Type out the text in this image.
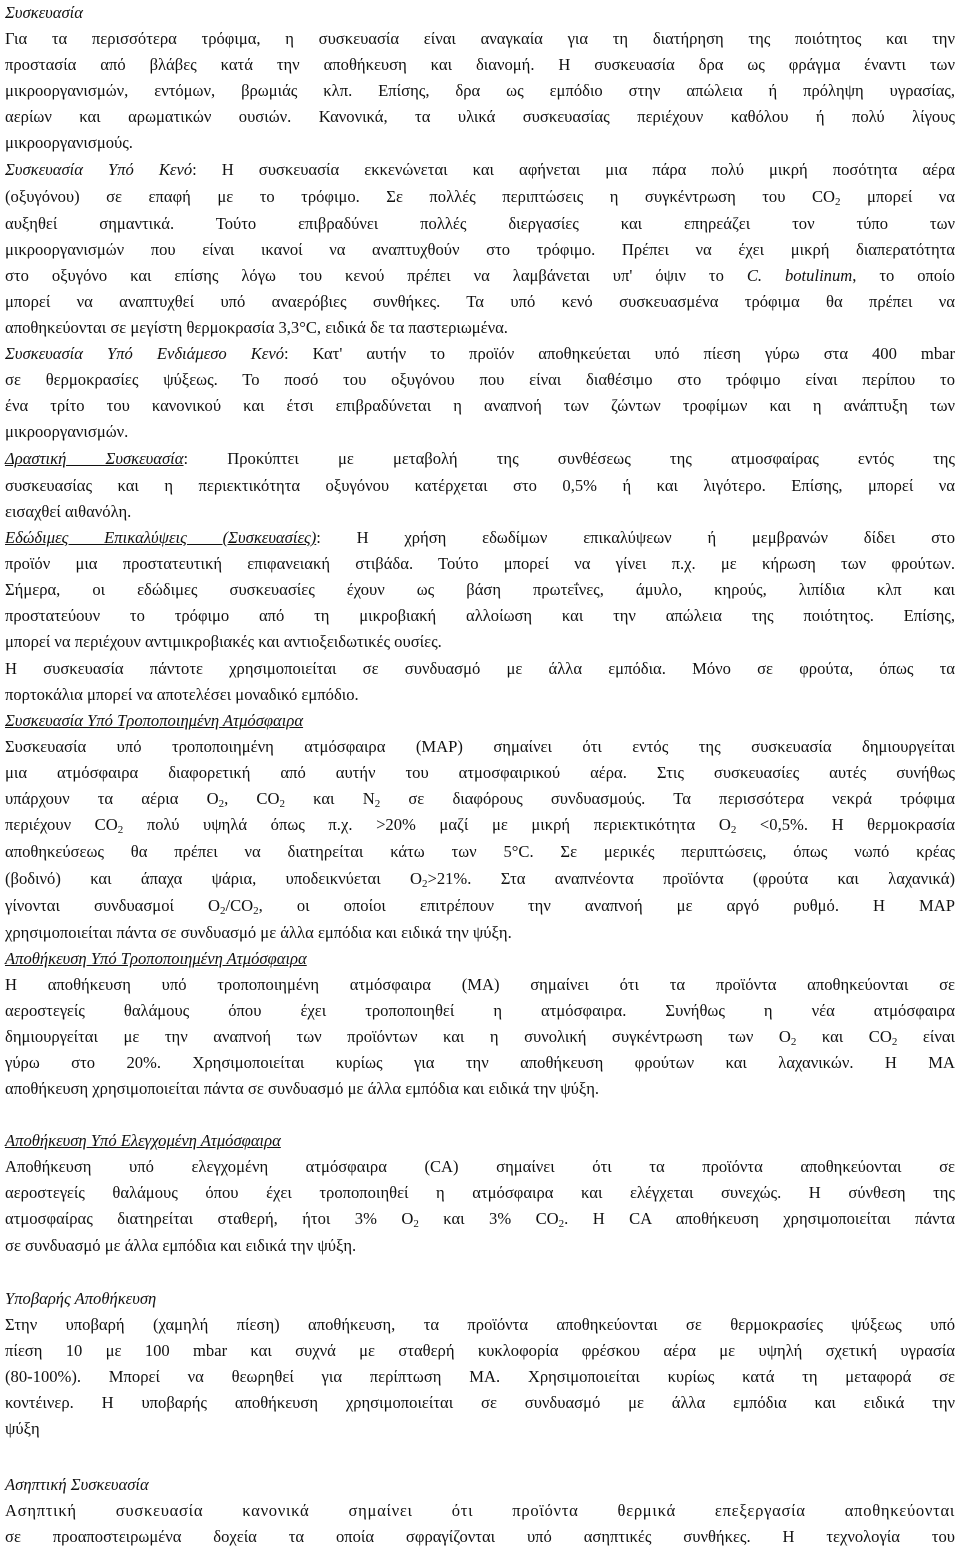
Συσκευασία
Για τα περισσότερα τρόφιμα, η συσκευασία είναι αναγκαία για τη διατήρηση της ποιότητος και την
προστασία από βλάβες κατά την αποθήκευση και διανομή. Η συσκευασία δρα ως φράγμα έναντι των
μικροοργανισμών, εντόμων, βρωμιάς κλπ. Επίσης, δρα ως εμπόδιο στην απώλεια ή πρόληψη υγρασίας,
αερίων και αρωματικών ουσιών. Κανονικά, τα υλικά συσκευασίας περιέχουν καθόλου ή πολύ λίγους
μικροοργανισμούς.
Συσκευασία Υπό Κενό: Η συσκευασία εκκενώνεται και αφήνεται μια πάρα πολύ μικρή ποσότητα αέρα
(οξυγόνου) σε επαφή με το τρόφιμο. Σε πολλές περιπτώσεις η συγκέντρωση του $CO_2$ μπορεί να
αυξηθεί σημαντικά. Τούτο επιβραδύνει πολλές διεργασίες και επηρεάζει τον τύπο των
μικροοργανισμών που είναι ικανοί να αναπτυχθούν στο τρόφιμο. Πρέπει να έχει μικρή διαπερατότητα
στο οξυγόνο και επίσης λόγω του κενού πρέπει να λαμβάνεται υπ' όψιν το C. botulinum, το οποίο
μπορεί να αναπτυχθεί υπό αναερόβιες συνθήκες. Τα υπό κενό συσκευασμένα τρόφιμα θα πρέπει να
αποθηκεύονται σε μεγίστη θερμοκρασία 3,3°C, ειδικά δε τα παστεριωμένα.
Συσκευασία Υπό Ενδιάμεσο Κενό: Κατ' αυτήν το προϊόν αποθηκεύεται υπό πίεση γύρω στα 400 mbar
σε θερμοκρασίες ψύξεως. Το ποσό του οξυγόνου που είναι διαθέσιμο στο τρόφιμο είναι περίπου το
ένα τρίτο του κανονικού και έτσι επιβραδύνεται η αναπνοή των ζώντων τροφίμων και η ανάπτυξη των
μικροοργανισμών.
Δραστική Συσκευασία: Προκύπτει με μεταβολή της συνθέσεως της ατμοσφαίρας εντός της
συσκευασίας και η περιεκτικότητα οξυγόνου κατέρχεται στο 0,5% ή και λιγότερο. Επίσης, μπορεί να
εισαχθεί αιθανόλη.
Εδώδιμες Επικαλύψεις (Συσκευασίες): Η χρήση εδωδίμων επικαλύψεων ή μεμβρανών δίδει στο
προϊόν μια προστατευτική επιφανειακή στιβάδα. Τούτο μπορεί να γίνει π.χ. με κήρωση των φρούτων.
Σήμερα, οι εδώδιμες συσκευασίες έχουν ως βάση πρωτεΐνες, άμυλο, κηρούς, λιπίδια κλπ και
προστατεύουν το τρόφιμο από τη μικροβιακή αλλοίωση και την απώλεια της ποιότητος. Επίσης,
μπορεί να περιέχουν αντιμικροβιακές και αντιοξειδωτικές ουσίες.
Η συσκευασία πάντοτε χρησιμοποιείται σε συνδυασμό με άλλα εμπόδια. Μόνο σε φρούτα, όπως τα
πορτοκάλια μπορεί να αποτελέσει μοναδικό εμπόδιο.
Συσκευασία Υπό Τροποποιημένη Ατμόσφαιρα
Συσκευασία υπό τροποποιημένη ατμόσφαιρα (ΜΑΡ) σημαίνει ότι εντός της συσκευασία δημιουργείται
μια ατμόσφαιρα διαφορετική από αυτήν του ατμοσφαιρικού αέρα. Στις συσκευασίες αυτές συνήθως
υπάρχουν τα αέρια $O_2$, $CO_2$ και $N_2$ σε διαφόρους συνδυασμούς. Τα περισσότερα νεκρά τρόφιμα
περιέχουν $CO_2$ πολύ υψηλά όπως π.χ. >20% μαζί με μικρή περιεκτικότητα $O_2 <0,5\%$. Η θερμοκρασία
αποθηκεύσεως θα πρέπει να διατηρείται κάτω των 5°C. Σε μερικές περιπτώσεις, όπως νωπό κρέας
(βοδινό) και άπαχα ψάρια, υποδεικνύεται $O_2>21\%$. Στα αναπνέοντα προϊόντα (φρούτα και λαχανικά)
γίνονται συνδυασμοί $O_2/CO_2$, οι οποίοι επιτρέπουν την αναπνοή με αργό ρυθμό. Η ΜΑΡ
χρησιμοποιείται πάντα σε συνδυασμό με άλλα εμπόδια και ειδικά την ψύξη.
Αποθήκευση Υπό Τροποποιημένη Ατμόσφαιρα
Η αποθήκευση υπό τροποποιημένη ατμόσφαιρα (ΜΑ) σημαίνει ότι τα προϊόντα αποθηκεύονται σε
αεροστεγείς θαλάμους όπου έχει τροποποιηθεί η ατμόσφαιρα. Συνήθως η νέα ατμόσφαιρα
δημιουργείται με την αναπνοή των προϊόντων και η συνολική συγκέντρωση των $O_2$ και $CO_2$ είναι
γύρω στο 20%. Χρησιμοποιείται κυρίως για την αποθήκευση φρούτων και λαχανικών. Η ΜΑ
αποθήκευση χρησιμοποιείται πάντα σε συνδυασμό με άλλα εμπόδια και ειδικά την ψύξη.
Αποθήκευση Υπό Ελεγχομένη Ατμόσφαιρα
Αποθήκευση υπό ελεγχομένη ατμόσφαιρα (CA) σημαίνει ότι τα προϊόντα αποθηκεύονται σε
αεροστεγείς θαλάμους όπου έχει τροποποιηθεί η ατμόσφαιρα και ελέγχεται συνεχώς. Η σύνθεση της
ατμοσφαίρας διατηρείται σταθερή, ήτοι 3% $O_2$ και 3% $CO_2$. Η CA αποθήκευση χρησιμοποιείται πάντα
σε συνδυασμό με άλλα εμπόδια και ειδικά την ψύξη.
Υποβαρής Αποθήκευση
Στην υποβαρή (χαμηλή πίεση) αποθήκευση, τα προϊόντα αποθηκεύονται σε θερμοκρασίες ψύξεως υπό
πίεση 10 με 100 mbar και συχνά με σταθερή κυκλοφορία φρέσκου αέρα με υψηλή σχετική υγρασία
(80-100%). Μπορεί να θεωρηθεί για περίπτωση ΜΑ. Χρησιμοποιείται κυρίως κατά τη μεταφορά σε
κοντέινερ. Η υποβαρής αποθήκευση χρησιμοποιείται σε συνδυασμό με άλλα εμπόδια και ειδικά την
ψύξη
Ασηπτική Συσκευασία
Ασηπτική συσκευασία κανονικά σημαίνει ότι προϊόντα θερμικά επεξεργασία αποθηκεύονται
σε προαποστειρωμένα δοχεία τα οποία σφραγίζονται υπό ασηπτικές συνθήκες. Η τεχνολογία του
